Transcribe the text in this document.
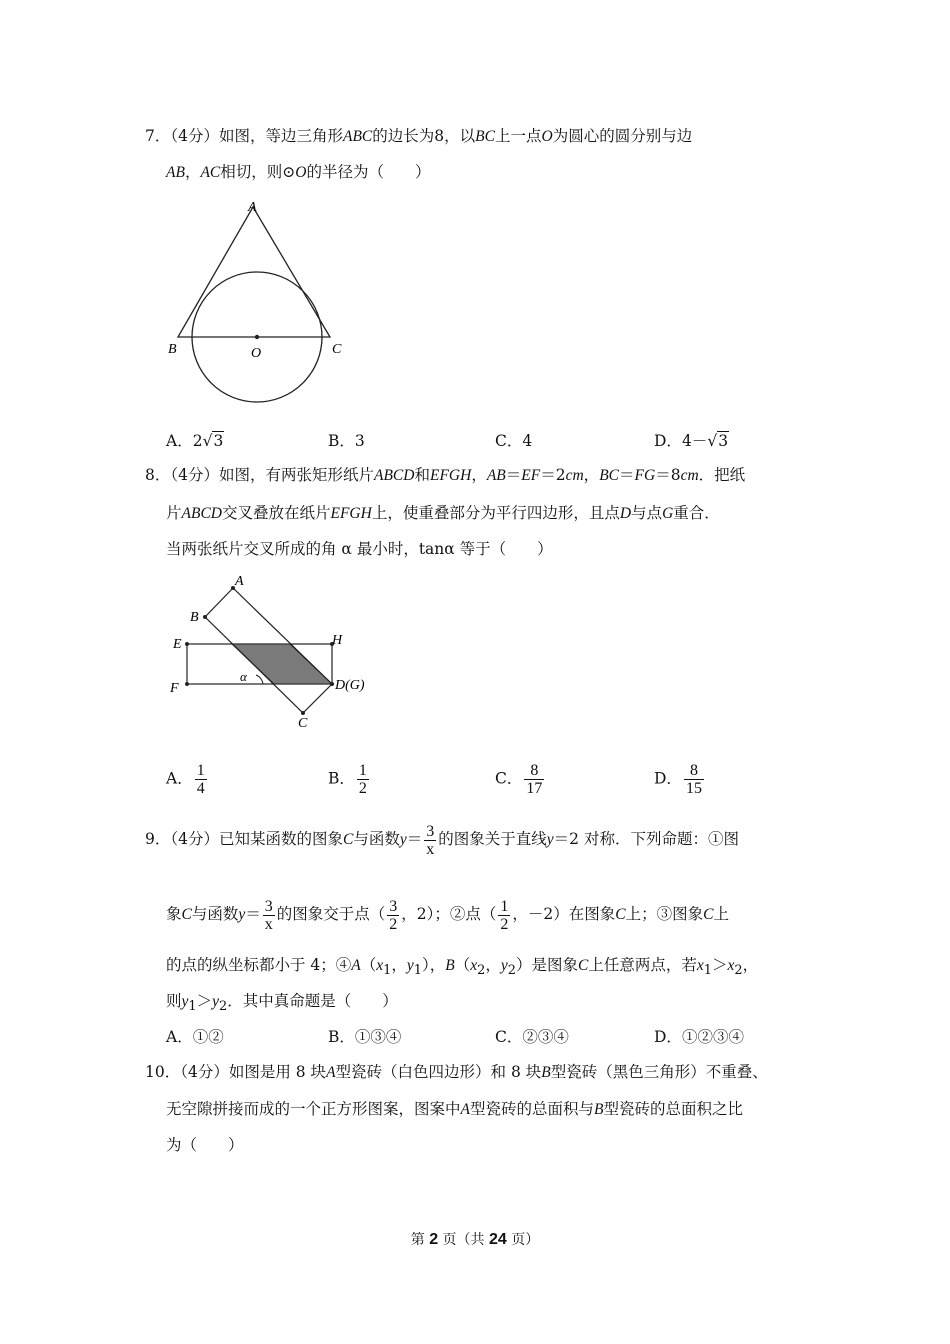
7．（4分）如图，等边三角形ABC的边长为8，以BC上一点O为圆心的圆分别与边
AB，AC相切，则⊙O的半径为（　　）
A
B	O	C
A．2√3	B．3	C．4	D．4－√3
8．（4分）如图，有两张矩形纸片ABCD和EFGH，AB＝EF＝2cm，BC＝FG＝8cm．把纸
片ABCD交叉叠放在纸片EFGH上，使重叠部分为平行四边形，且点D与点G重合．
当两张纸片交叉所成的角 α 最小时，tanα 等于（　　）
A
B
E	H
F
α
D(G)
C
A． $\frac{1}{4}$	B． $\frac{1}{2}$	C． $\frac{8}{17}$	D． $\frac{8}{15}$
9．（4分）已知某函数的图象C与函数$y= \frac{3}{x}$ 的图象关于直线y＝2 对称．下列命题：①图
象C与函数$y= \frac{3}{x}$ 的图象交于点（ $\frac{3}{2}$ ，2）；②点（ $\frac{1}{2}$ ，－2）在图象C上；③图象C上
的点的纵坐标都小于 4；$④A(x_1$，$y_1$），$B(x_2$，$y_2$）是图象C上任意两点，若$x_1>x_2$，
则$y_1>y_2$．其中真命题是（　　）
A．①②	B．①③④	C．②③④	D．①②③④
10．（4分）如图是用 8 块A型瓷砖（白色四边形）和 8 块B型瓷砖（黑色三角形）不重叠、
无空隙拼接而成的一个正方形图案，图案中A型瓷砖的总面积与B型瓷砖的总面积之比
为（　　）
第 2 页（共 24 页）
